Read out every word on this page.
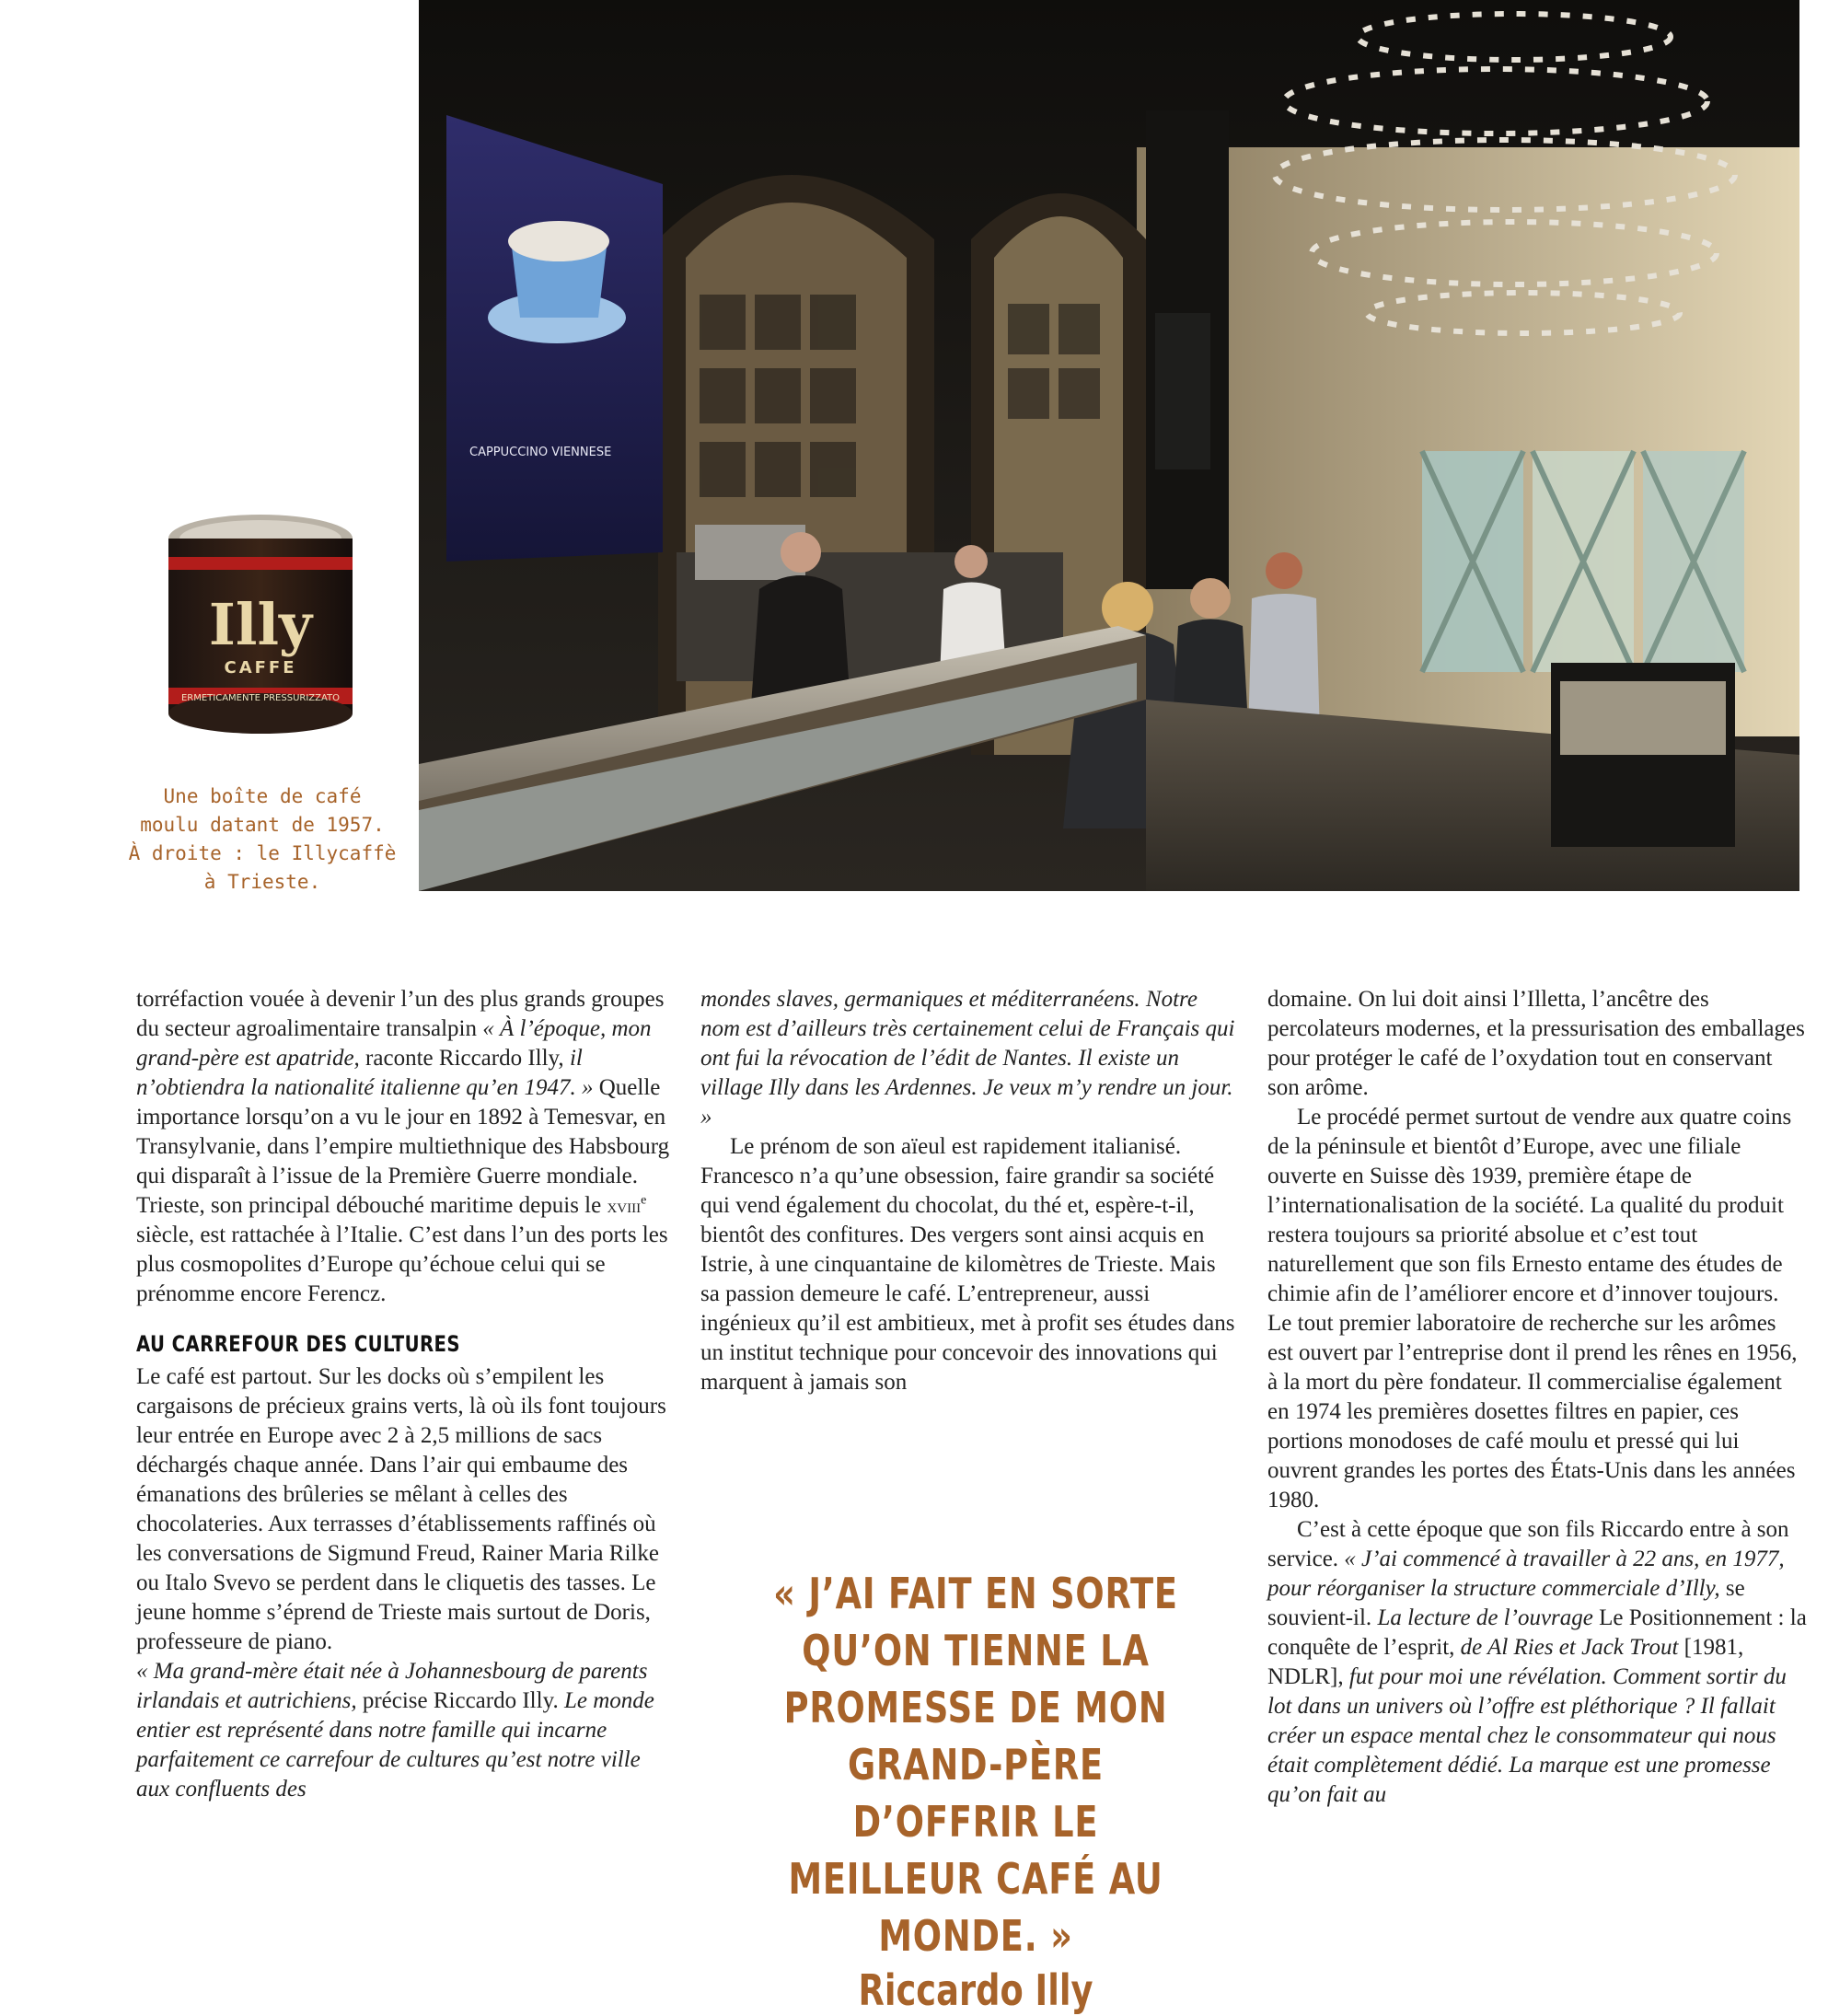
CAPPUCCINO VIENNESE
Illy
CAFFE
ERMETICAMENTE PRESSURIZZATO

Une boîte de café

moulu datant de 1957.

À droite : le Illycaffè

à Trieste.

torréfaction vouée à devenir l’un des plus grands groupes du secteur agroalimentaire transalpin « À l’époque, mon grand-père est apatride, raconte Riccardo Illy, il n’obtiendra la nationalité italienne qu’en 1947. » Quelle importance lorsqu’on a vu le jour en 1892 à Temesvar, en Transylvanie, dans l’empire multiethnique des Habsbourg qui disparaît à l’issue de la Première Guerre mondiale. Trieste, son principal débouché maritime depuis le xviii$^e$ siècle, est rattachée à l’Italie. C’est dans l’un des ports les plus cosmopolites d’Europe qu’échoue celui qui se prénomme encore Ferencz.

AU CARREFOUR DES CULTURES

Le café est partout. Sur les docks où s’empilent les cargaisons de précieux grains verts, là où ils font toujours leur entrée en Europe avec 2 à 2,5 millions de sacs déchargés chaque année. Dans l’air qui embaume des émanations des brûleries se mêlant à celles des chocolateries. Aux terrasses d’établissements raffinés où les conversations de Sigmund Freud, Rainer Maria Rilke ou Italo Svevo se perdent dans le cliquetis des tasses. Le jeune homme s’éprend de Trieste mais surtout de Doris, professeure de piano.

« Ma grand-mère était née à Johannesbourg de parents irlandais et autrichiens, précise Riccardo Illy. Le monde entier est représenté dans notre famille qui incarne parfaitement ce carrefour de cultures qu’est notre ville aux confluents des

mondes slaves, germaniques et méditerranéens. Notre nom est d’ailleurs très certainement celui de Français qui ont fui la révocation de l’édit de Nantes. Il existe un village Illy dans les Ardennes. Je veux m’y rendre un jour. »

Le prénom de son aïeul est rapidement italianisé. Francesco n’a qu’une obsession, faire grandir sa société qui vend également du chocolat, du thé et, espère-t-il, bientôt des confitures. Des vergers sont ainsi acquis en Istrie, à une cinquantaine de kilomètres de Trieste. Mais sa passion demeure le café. L’entrepreneur, aussi ingénieux qu’il est ambitieux, met à profit ses études dans un institut technique pour concevoir des innovations qui marquent à jamais son

« J’AI FAIT EN SORTE QU’ON TIENNE LA PROMESSE DE MON GRAND-PÈRE D’OFFRIR LE MEILLEUR CAFÉ AU MONDE. »

Riccardo Illy

domaine. On lui doit ainsi l’Illetta, l’ancêtre des percolateurs modernes, et la pressurisation des emballages pour protéger le café de l’oxydation tout en conservant son arôme.

Le procédé permet surtout de vendre aux quatre coins de la péninsule et bientôt d’Europe, avec une filiale ouverte en Suisse dès 1939, première étape de l’internationalisation de la société. La qualité du produit restera toujours sa priorité absolue et c’est tout naturellement que son fils Ernesto entame des études de chimie afin de l’améliorer encore et d’innover toujours. Le tout premier laboratoire de recherche sur les arômes est ouvert par l’entreprise dont il prend les rênes en 1956, à la mort du père fondateur. Il commercialise également en 1974 les premières dosettes filtres en papier, ces portions monodoses de café moulu et pressé qui lui ouvrent grandes les portes des États-Unis dans les années 1980.

C’est à cette époque que son fils Riccardo entre à son service. « J’ai commencé à travailler à 22 ans, en 1977, pour réorganiser la structure commerciale d’Illy, se souvient-il. La lecture de l’ouvrage Le Positionnement : la conquête de l’esprit, de Al Ries et Jack Trout [1981, NDLR], fut pour moi une révélation. Comment sortir du lot dans un univers où l’offre est pléthorique ? Il fallait créer un espace mental chez le consommateur qui nous était complètement dédié. La marque est une promesse qu’on fait au
